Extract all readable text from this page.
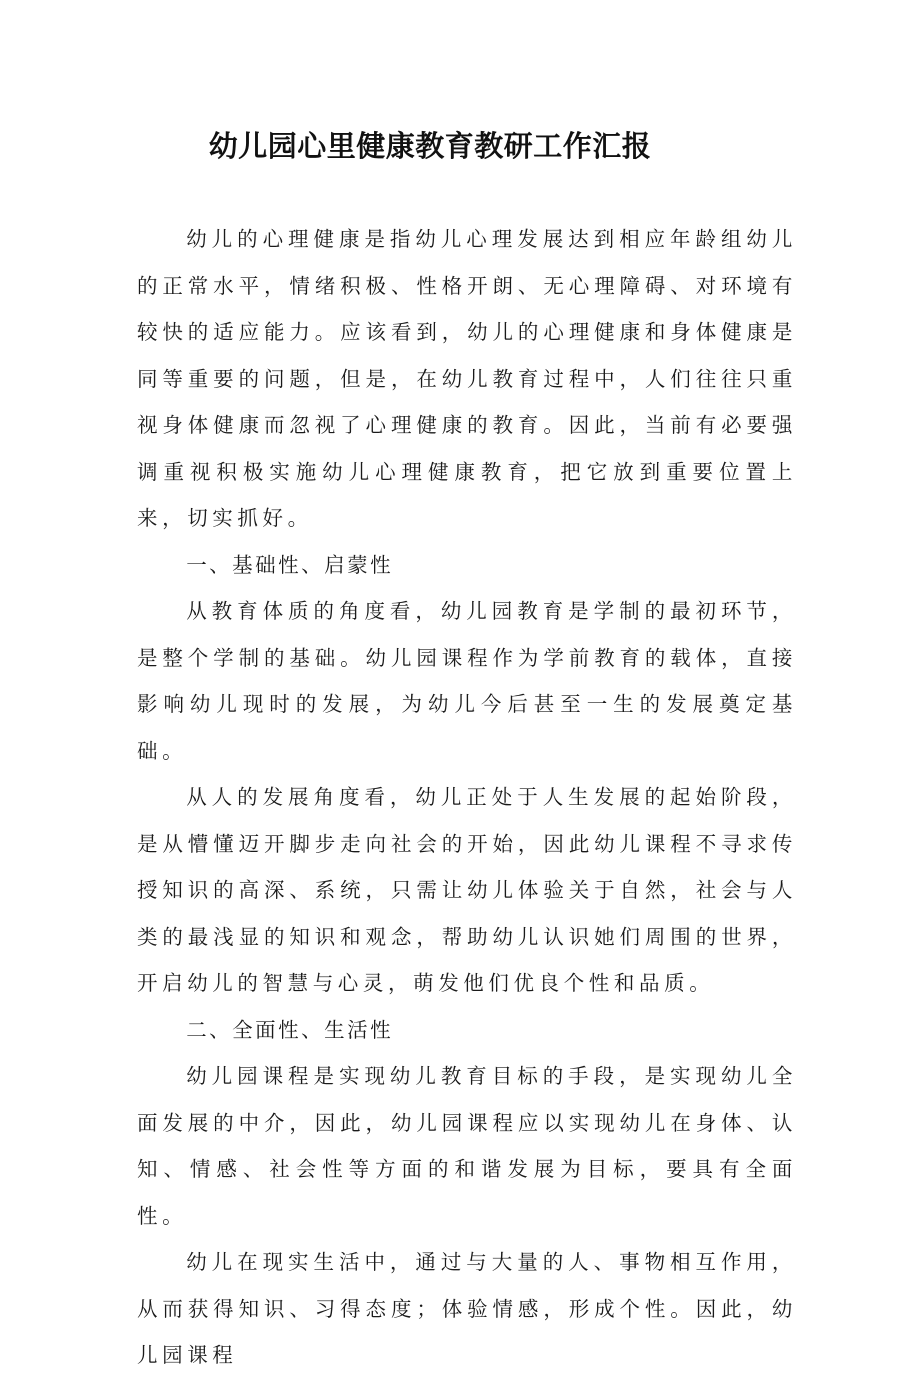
幼儿园心里健康教育教研工作汇报

幼儿的心理健康是指幼儿心理发展达到相应年龄组幼儿的正常水平，情绪积极、性格开朗、无心理障碍、对环境有较快的适应能力。应该看到，幼儿的心理健康和身体健康是同等重要的问题，但是，在幼儿教育过程中，人们往往只重视身体健康而忽视了心理健康的教育。因此，当前有必要强调重视积极实施幼儿心理健康教育，把它放到重要位置上来，切实抓好。

一、基础性、启蒙性

从教育体质的角度看，幼儿园教育是学制的最初环节，是整个学制的基础。幼儿园课程作为学前教育的载体，直接影响幼儿现时的发展，为幼儿今后甚至一生的发展奠定基础。

从人的发展角度看，幼儿正处于人生发展的起始阶段，是从懵懂迈开脚步走向社会的开始，因此幼儿课程不寻求传授知识的高深、系统，只需让幼儿体验关于自然，社会与人类的最浅显的知识和观念，帮助幼儿认识她们周围的世界，开启幼儿的智慧与心灵，萌发他们优良个性和品质。

二、全面性、生活性

幼儿园课程是实现幼儿教育目标的手段，是实现幼儿全面发展的中介，因此，幼儿园课程应以实现幼儿在身体、认知、情感、社会性等方面的和谐发展为目标，要具有全面性。

幼儿在现实生活中，通过与大量的人、事物相互作用，从而获得知识、习得态度；体验情感，形成个性。因此，幼儿园课程
